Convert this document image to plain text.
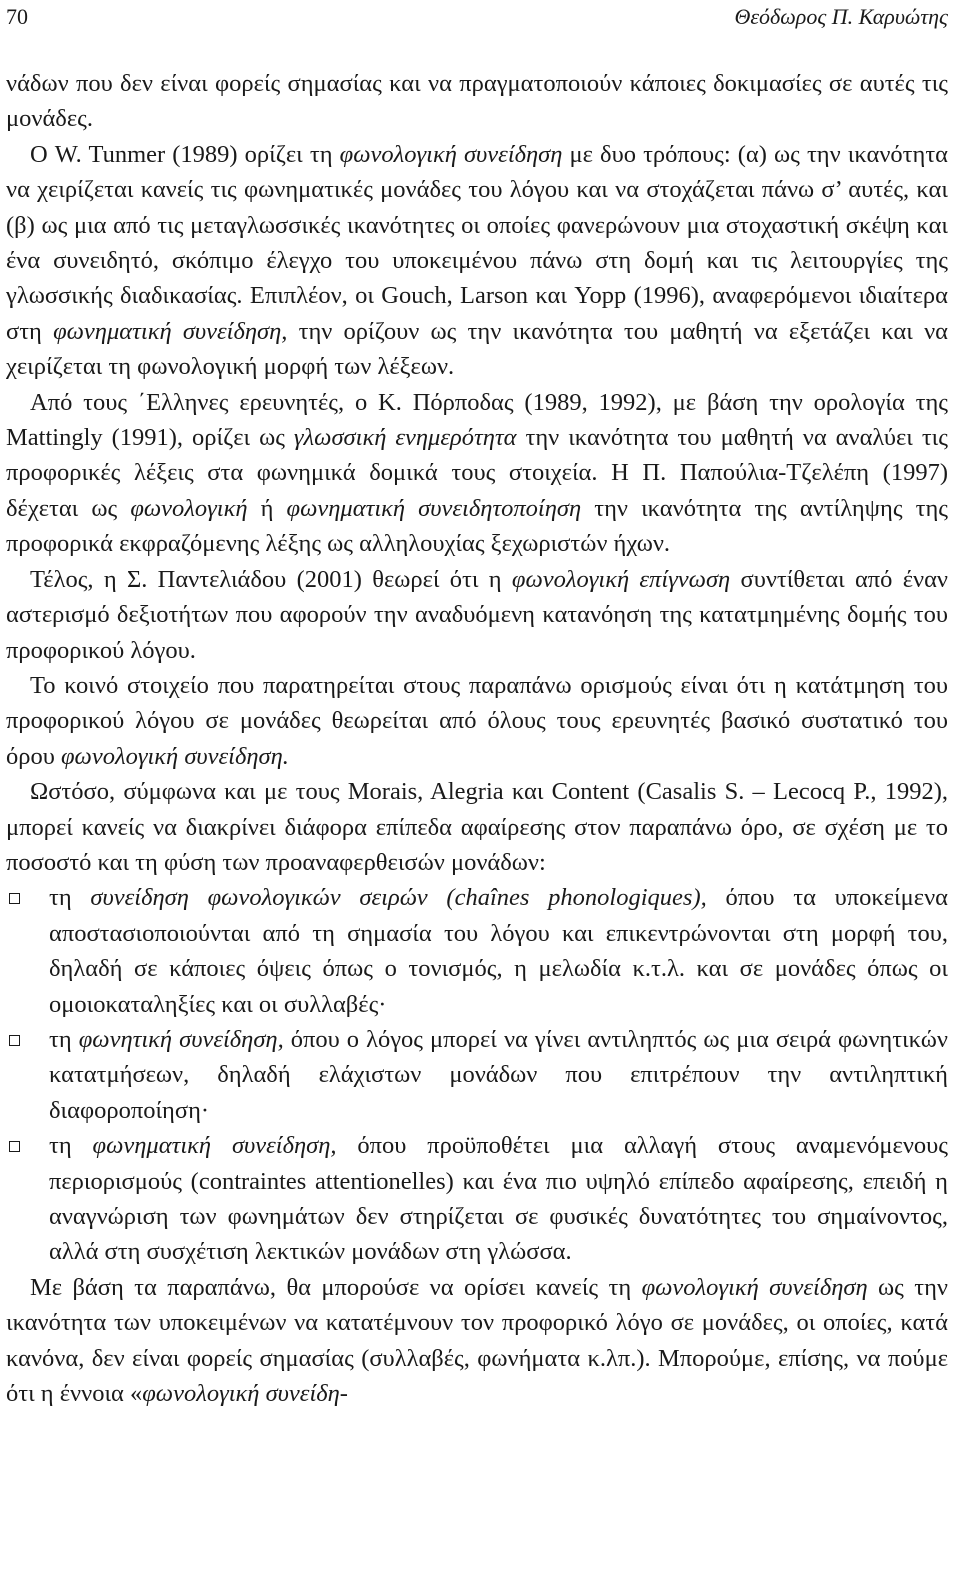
70	Θεόδωρος Π. Καρυώτης

νάδων που δεν είναι φορείς σημασίας και να πραγματοποιούν κάποιες δοκιμασίες σε αυτές τις μονάδες.

Ο W. Tunmer (1989) ορίζει τη φωνολογική συνείδηση με δυο τρόπους: (α) ως την ικανότητα να χειρίζεται κανείς τις φωνηματικές μονάδες του λόγου και να στοχάζεται πάνω σ’ αυτές, και (β) ως μια από τις μεταγλωσσικές ικανότητες οι οποίες φανερώνουν μια στοχαστική σκέψη και ένα συνειδητό, σκόπιμο έλεγχο του υποκειμένου πάνω στη δομή και τις λειτουργίες της γλωσσικής διαδικασίας. Επιπλέον, οι Gouch, Larson και Yopp (1996), αναφερόμενοι ιδιαίτερα στη φωνηματική συνείδηση, την ορίζουν ως την ικανότητα του μαθητή να εξετάζει και να χειρίζεται τη φωνολογική μορφή των λέξεων.

Από τους ΄Ελληνες ερευνητές, ο Κ. Πόρποδας (1989, 1992), με βάση την ορολογία της Mattingly (1991), ορίζει ως γλωσσική ενημερότητα την ικανότητα του μαθητή να αναλύει τις προφορικές λέξεις στα φωνημικά δομικά τους στοιχεία. Η Π. Παπούλια-Τζελέπη (1997) δέχεται ως φωνολογική ή φωνηματική συνειδητοποίηση την ικανότητα της αντίληψης της προφορικά εκφραζόμενης λέξης ως αλληλουχίας ξεχωριστών ήχων.

Τέλος, η Σ. Παντελιάδου (2001) θεωρεί ότι η φωνολογική επίγνωση συντίθεται από έναν αστερισμό δεξιοτήτων που αφορούν την αναδυόμενη κατανόηση της κατατμημένης δομής του προφορικού λόγου.

Το κοινό στοιχείο που παρατηρείται στους παραπάνω ορισμούς είναι ότι η κατάτμηση του προφορικού λόγου σε μονάδες θεωρείται από όλους τους ερευνητές βασικό συστατικό του όρου φωνολογική συνείδηση.

Ωστόσο, σύμφωνα και με τους Morais, Alegria και Content (Casalis S. – Lecocq P., 1992), μπορεί κανείς να διακρίνει διάφορα επίπεδα αφαίρεσης στον παραπάνω όρο, σε σχέση με το ποσοστό και τη φύση των προαναφερθεισών μονάδων:

τη συνείδηση φωνολογικών σειρών (chaînes phonologiques), όπου τα υποκείμενα αποστασιοποιούνται από τη σημασία του λόγου και επικεντρώνονται στη μορφή του, δηλαδή σε κάποιες όψεις όπως ο τονισμός, η μελωδία κ.τ.λ. και σε μονάδες όπως οι ομοιοκαταληξίες και οι συλλαβές·
τη φωνητική συνείδηση, όπου ο λόγος μπορεί να γίνει αντιληπτός ως μια σειρά φωνητικών κατατμήσεων, δηλαδή ελάχιστων μονάδων που επιτρέπουν την αντιληπτική διαφοροποίηση·
τη φωνηματική συνείδηση, όπου προϋποθέτει μια αλλαγή στους αναμενόμενους περιορισμούς (contraintes attentionelles) και ένα πιο υψηλό επίπεδο αφαίρεσης, επειδή η αναγνώριση των φωνημάτων δεν στηρίζεται σε φυσικές δυνατότητες του σημαίνοντος, αλλά στη συσχέτιση λεκτικών μονάδων στη γλώσσα.

Με βάση τα παραπάνω, θα μπορούσε να ορίσει κανείς τη φωνολογική συνείδηση ως την ικανότητα των υποκειμένων να κατατέμνουν τον προφορικό λόγο σε μονάδες, οι οποίες, κατά κανόνα, δεν είναι φορείς σημασίας (συλλαβές, φωνήματα κ.λπ.). Μπορούμε, επίσης, να πούμε ότι η έννοια «φωνολογική συνείδη-
